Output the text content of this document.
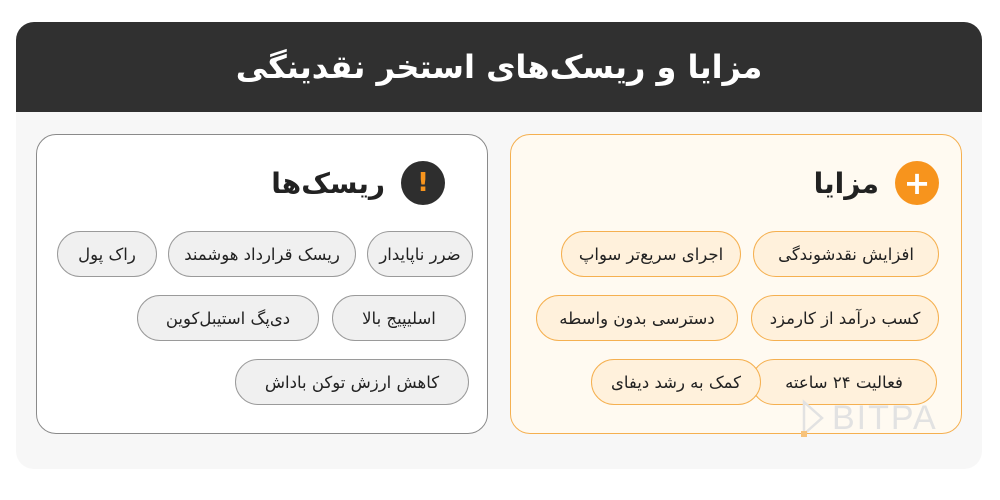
مزایا و ریسک‌های استخر نقدینگی
!
ریسک‌ها
ضرر ناپایدار
ریسک قرارداد هوشمند
راک پول
اسلیپیج بالا
دی‌پگ استیبل‌کوین
کاهش ارزش توکن باداش
+
مزایا
افزایش نقدشوندگی
اجرای سریع‌تر سواپ
کسب درآمد از کارمزد
دسترسی بدون واسطه
فعالیت ۲۴ ساعته
کمک به رشد دیفای
BITPA
